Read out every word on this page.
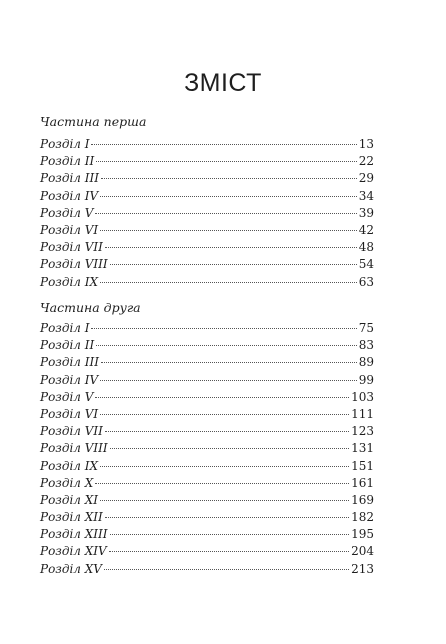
ЗМІСТ
Частина перша
Розділ І	13
Розділ ІІ	22
Розділ ІІІ	29
Розділ IV	34
Розділ V	39
Розділ VI	42
Розділ VII	48
Розділ VIII	54
Розділ IX	63
Частина друга
Розділ І	75
Розділ ІІ	83
Розділ ІІІ	89
Розділ IV	99
Розділ V	103
Розділ VI	111
Розділ VII	123
Розділ VIII	131
Розділ IX	151
Розділ X	161
Розділ XI	169
Розділ XII	182
Розділ XIII	195
Розділ XIV	204
Розділ XV	213
